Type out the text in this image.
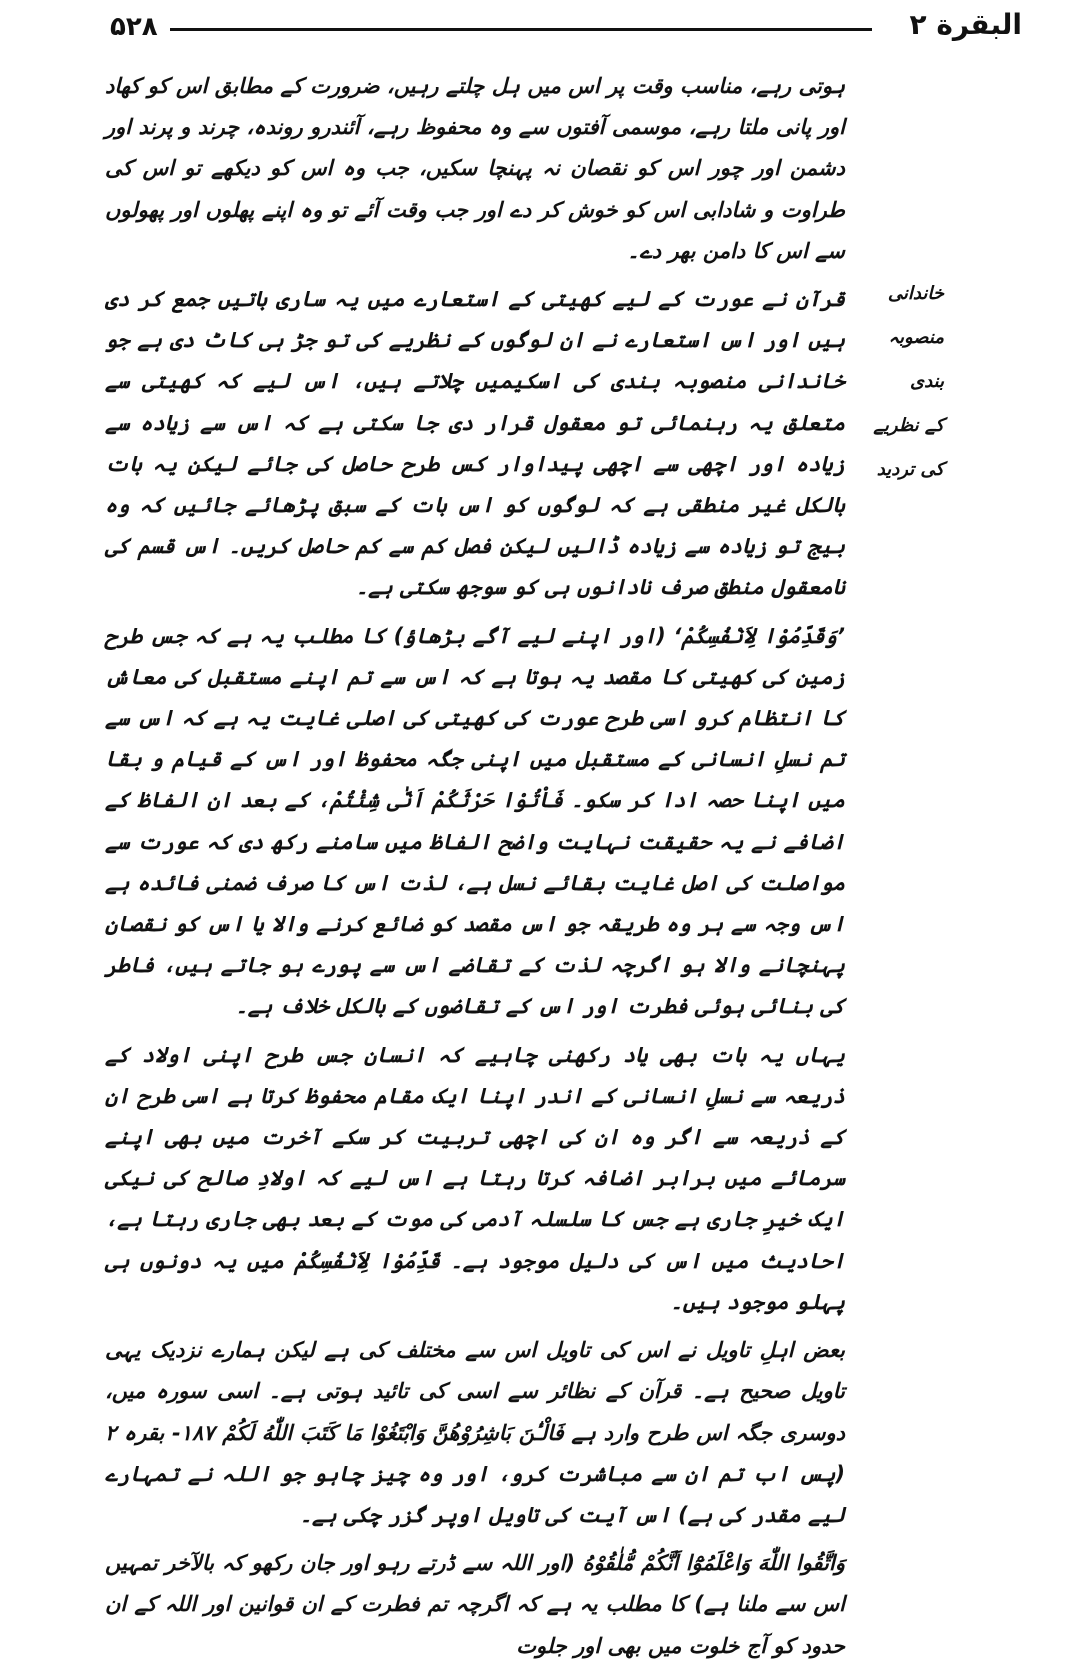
۵۲۸	البقرة ۲
خاندانی
منصوبہ بندی
کے نظریے
کی تردید

ہوتی رہے، مناسب وقت پر اس میں ہل چلتے رہیں، ضرورت کے مطابق اس کو کھاد اور پانی ملتا رہے، موسمی آفتوں سے وہ محفوظ رہے، آئندرو روندہ، چرند و پرند اور دشمن اور چور اس کو نقصان نہ پہنچا سکیں، جب وہ اس کو دیکھے تو اس کی طراوت و شادابی اس کو خوش کر دے اور جب وقت آئے تو وہ اپنے پھلوں اور پھولوں سے اس کا دامن بھر دے۔

قرآن نے عورت کے لیے کھیتی کے استعارے میں یہ ساری باتیں جمع کر دی ہیں اور اس استعارے نے ان لوگوں کے نظریے کی تو جڑ ہی کاٹ دی ہے جو خاندانی منصوبہ بندی کی اسکیمیں چلاتے ہیں، اس لیے کہ کھیتی سے متعلق یہ رہنمائی تو معقول قرار دی جا سکتی ہے کہ اس سے زیادہ سے زیادہ اور اچھی سے اچھی پیداوار کس طرح حاصل کی جائے لیکن یہ بات بالکل غیر منطقی ہے کہ لوگوں کو اس بات کے سبق پڑھائے جائیں کہ وہ بیج تو زیادہ سے زیادہ ڈالیں لیکن فصل کم سے کم حاصل کریں۔ اس قسم کی نامعقول منطق صرف نادانوں ہی کو سوجھ سکتی ہے۔

’وَقَدِّمُوْا لِاَنْفُسِكُمْ‘ (اور اپنے لیے آگے بڑھاؤ) کا مطلب یہ ہے کہ جس طرح زمین کی کھیتی کا مقصد یہ ہوتا ہے کہ اس سے تم اپنے مستقبل کی معاش کا انتظام کرو اسی طرح عورت کی کھیتی کی اصلی غایت یہ ہے کہ اس سے تم نسلِ انسانی کے مستقبل میں اپنی جگہ محفوظ اور اس کے قیام و بقا میں اپنا حصہ ادا کر سکو۔ فَاْتُوْا حَرْثَكُمْ اَنّٰى شِئْتُمْ، کے بعد ان الفاظ کے اضافے نے یہ حقیقت نہایت واضح الفاظ میں سامنے رکھ دی کہ عورت سے مواصلت کی اصل غایت بقائے نسل ہے، لذت اس کا صرف ضمنی فائدہ ہے اس وجہ سے ہر وہ طریقہ جو اس مقصد کو ضائع کرنے والا یا اس کو نقصان پہنچانے والا ہو اگرچہ لذت کے تقاضے اس سے پورے ہو جاتے ہیں، فاطر کی بنائی ہوئی فطرت اور اس کے تقاضوں کے بالکل خلاف ہے۔

یہاں یہ بات بھی یاد رکھنی چاہیے کہ انسان جس طرح اپنی اولاد کے ذریعہ سے نسلِ انسانی کے اندر اپنا ایک مقام محفوظ کرتا ہے اسی طرح ان کے ذریعہ سے اگر وہ ان کی اچھی تربیت کر سکے آخرت میں بھی اپنے سرمائے میں برابر اضافہ کرتا رہتا ہے اس لیے کہ اولادِ صالح کی نیکی ایک خیرِ جاری ہے جس کا سلسلہ آدمی کی موت کے بعد بھی جاری رہتا ہے، احادیث میں اس کی دلیل موجود ہے۔ قَدِّمُوْا لِاَنْفُسِكُمْ میں یہ دونوں ہی پہلو موجود ہیں۔

بعض اہلِ تاویل نے اس کی تاویل اس سے مختلف کی ہے لیکن ہمارے نزدیک یہی تاویل صحیح ہے۔ قرآن کے نظائر سے اسی کی تائید ہوتی ہے۔ اسی سورہ میں، دوسری جگہ اس طرح وارد ہے فَالْـٰٔنَ بَاشِرُوْهُنَّ وَابْتَغُوْا مَا كَتَبَ اللّٰهُ لَكُمْ ۱۸۷- بقرہ ۲ (پس اب تم ان سے مباشرت کرو، اور وہ چیز چاہو جو اللہ نے تمہارے لیے مقدر کی ہے) اس آیت کی تاویل اوپر گزر چکی ہے۔

وَاتَّقُوا اللّٰهَ وَاعْلَمُوْٓا اَنَّكُمْ مُّلٰقُوْهُ (اور اللہ سے ڈرتے رہو اور جان رکھو کہ بالآخر تمہیں اس سے ملنا ہے) کا مطلب یہ ہے کہ اگرچہ تم فطرت کے ان قوانین اور اللہ کے ان حدود کو آج خلوت میں بھی اور جلوت
